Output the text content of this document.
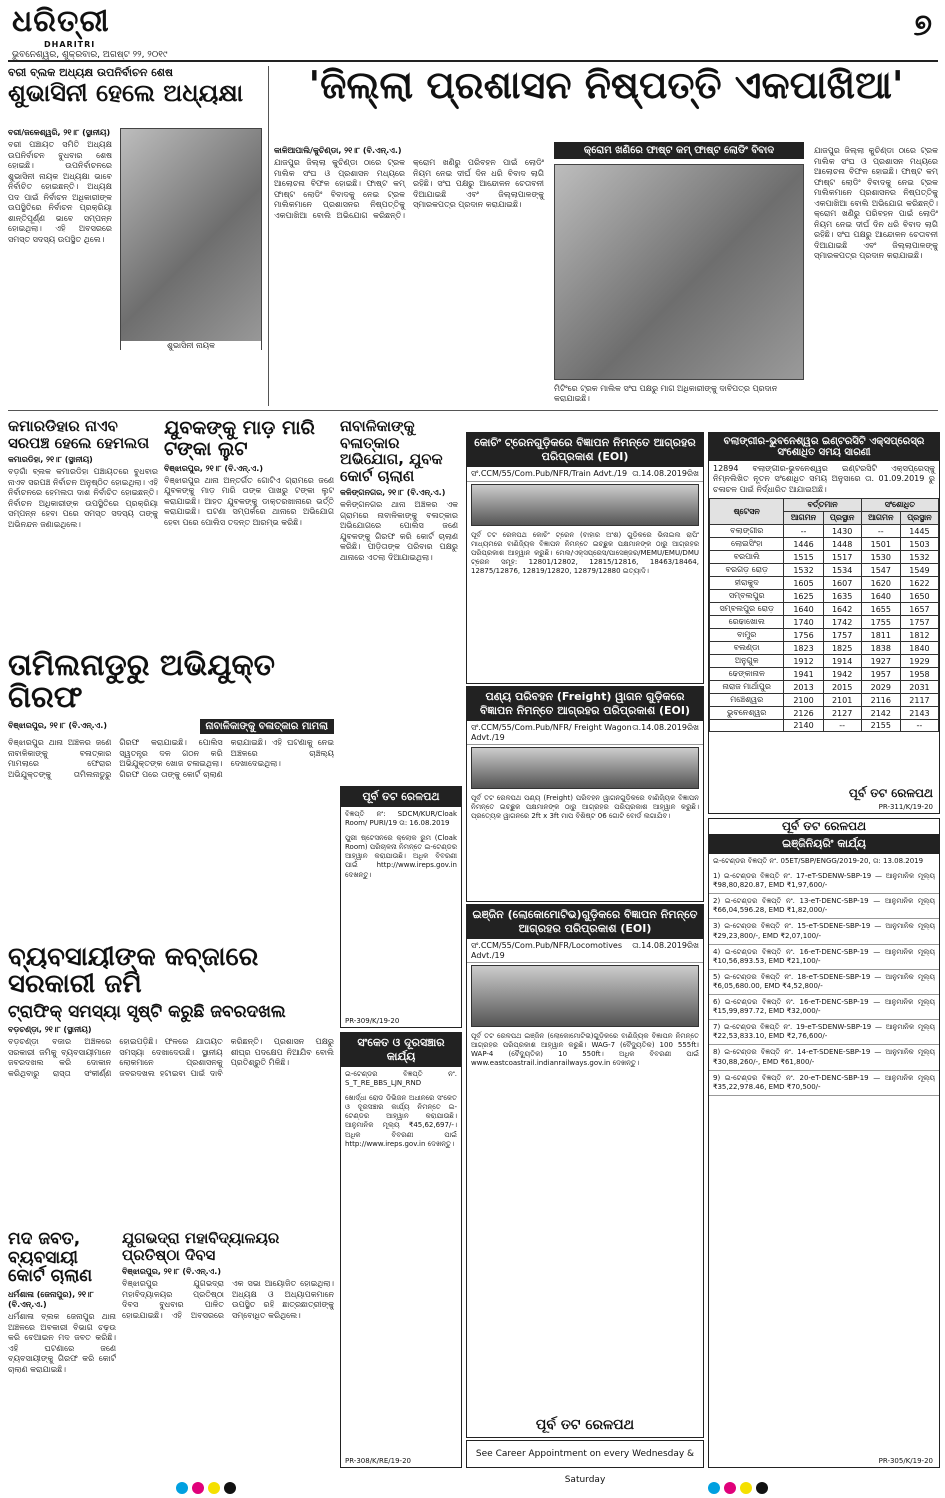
ଧରିତ୍ରୀ
DHARITRI
ଭୁବନେଶ୍ୱର, ଶୁକ୍ରବାର, ଅଗଷ୍ଟ ୨୨, ୨୦୧୯
୭
ବରୀ ବ୍ଲକ ଅଧ୍ୟକ୍ଷ ଉପନିର୍ବାଚନ ଶେଷ
ଶୁଭାସିନୀ ହେଲେ ଅଧ୍ୟକ୍ଷା
ଶୁଭାସିନୀ ନାୟକ
ବରୀ/ଜଳେଶ୍ୱରି, ୨୧।୮ (ସ୍ଥାନୀୟ)
ବରୀ ପଞ୍ଚାୟତ ସମିତି ଅଧ୍ୟକ୍ଷ ଉପନିର୍ବାଚନ ବୁଧବାର ଶେଷ ହୋଇଛି। ଉପନିର୍ବାଚନରେ ଶୁଭାସିନୀ ନାୟକ ଅଧ୍ୟକ୍ଷା ଭାବେ ନିର୍ବାଚିତ ହୋଇଛନ୍ତି। ଅଧ୍ୟକ୍ଷ ପଦ ପାଇଁ ନିର୍ବାଚନ ଅଧିକାରୀଙ୍କ ଉପସ୍ଥିତିରେ ନିର୍ବାଚନ ପ୍ରକ୍ରିୟା ଶାନ୍ତିପୂର୍ଣ୍ଣ ଭାବେ ସମ୍ପନ୍ନ ହୋଇଥିଲା। ଏହି ଅବସରରେ ସମସ୍ତ ସଦସ୍ୟ ଉପସ୍ଥିତ ଥିଲେ।
'ଜିଲ୍ଲା ପ୍ରଶାସନ ନିଷ୍ପତ୍ତି ଏକପାଖିଆ'
କାଳିଆପାଲି/କୁଚିଣ୍ଡା, ୨୧।୮ (ବି.ଏନ୍.ଏ.)
ଯାଜପୁର ଜିଲ୍ଲା କୁଚିଣ୍ଡା ଠାରେ ଟ୍ରକ ମାଲିକ ସଂଘ ଓ ପ୍ରଶାସନ ମଧ୍ୟରେ ଆଲୋଚନା ବିଫଳ ହୋଇଛି। ଫାଷ୍ଟ କମ୍ ଫାଷ୍ଟ ଲୋଡିଂ ବିବାଦକୁ ନେଇ ଟ୍ରକ ମାଲିକମାନେ ପ୍ରଶାସନର ନିଷ୍ପତ୍ତିକୁ ଏକପାଖିଆ ବୋଲି ଅଭିଯୋଗ କରିଛନ୍ତି। କ୍ରୋମ ଖଣିରୁ ପରିବହନ ପାଇଁ ଲୋଡିଂ ନିୟମ ନେଇ ଦୀର୍ଘ ଦିନ ଧରି ବିବାଦ ଲାଗି ରହିଛି। ସଂଘ ପକ୍ଷରୁ ଆନ୍ଦୋଳନ ଚେତାବନୀ ଦିଆଯାଇଛି ଏବଂ ଜିଲ୍ଲାପାଳଙ୍କୁ ସ୍ମାରକପତ୍ର ପ୍ରଦାନ କରାଯାଇଛି।
କ୍ରୋମ ଖଣିରେ ଫାଷ୍ଟ କମ୍ ଫାଷ୍ଟ ଲୋଡିଂ ବିବାଦ
ମିଟିଂରେ ଟ୍ରକ ମାଲିକ ସଂଘ ପକ୍ଷରୁ ମାଗ ଅଧିକାରୀଙ୍କୁ ଦାବିପତ୍ର ପ୍ରଦାନ କରାଯାଇଛି।
ଯାଜପୁର ଜିଲ୍ଲା କୁଚିଣ୍ଡା ଠାରେ ଟ୍ରକ ମାଲିକ ସଂଘ ଓ ପ୍ରଶାସନ ମଧ୍ୟରେ ଆଲୋଚନା ବିଫଳ ହୋଇଛି। ଫାଷ୍ଟ କମ୍ ଫାଷ୍ଟ ଲୋଡିଂ ବିବାଦକୁ ନେଇ ଟ୍ରକ ମାଲିକମାନେ ପ୍ରଶାସନର ନିଷ୍ପତ୍ତିକୁ ଏକପାଖିଆ ବୋଲି ଅଭିଯୋଗ କରିଛନ୍ତି। କ୍ରୋମ ଖଣିରୁ ପରିବହନ ପାଇଁ ଲୋଡିଂ ନିୟମ ନେଇ ଦୀର୍ଘ ଦିନ ଧରି ବିବାଦ ଲାଗି ରହିଛି। ସଂଘ ପକ୍ଷରୁ ଆନ୍ଦୋଳନ ଚେତାବନୀ ଦିଆଯାଇଛି ଏବଂ ଜିଲ୍ଲାପାଳଙ୍କୁ ସ୍ମାରକପତ୍ର ପ୍ରଦାନ କରାଯାଇଛି।
କମାରଡିହାର ନାଏବ ସରପଞ୍ଚ ହେଲେ ହେମଲତା
କମାରଡିହା, ୨୧।୮ (ସ୍ଥାନୀୟ)
ବଡ଼ଗାଁ ବ୍ଲକ କମାରଡିହା ପଞ୍ଚାୟତରେ ବୁଧବାର ନାଏବ ସରପଞ୍ଚ ନିର୍ବାଚନ ଅନୁଷ୍ଠିତ ହୋଇଥିଲା। ଏହି ନିର୍ବାଚନରେ ହେମଲତା ଦାଶ ନିର୍ବାଚିତ ହୋଇଛନ୍ତି। ନିର୍ବାଚନ ଅଧିକାରୀଙ୍କ ଉପସ୍ଥିତିରେ ପ୍ରକ୍ରିୟା ସମ୍ପନ୍ନ ହେବା ପରେ ସମସ୍ତ ସଦସ୍ୟ ତାଙ୍କୁ ଅଭିନନ୍ଦନ ଜଣାଇଥିଲେ।
ଯୁବକଙ୍କୁ ମାଡ଼ ମାରି ଟଙ୍କା ଲୁଟ
ବିଞ୍ଝାରପୁର, ୨୧।୮ (ବି.ଏନ୍.ଏ.)
ବିଞ୍ଝାରପୁର ଥାନା ଅନ୍ତର୍ଗତ ଗୋଟିଏ ଗ୍ରାମରେ ଜଣେ ଯୁବକଙ୍କୁ ମାଡ଼ ମାରି ତାଙ୍କ ପାଖରୁ ଟଙ୍କା ଲୁଟ କରାଯାଇଛି। ଆହତ ଯୁବକଙ୍କୁ ଡାକ୍ତରଖାନାରେ ଭର୍ତ୍ତି କରାଯାଇଛି। ଘଟଣା ସମ୍ପର୍କରେ ଥାନାରେ ଅଭିଯୋଗ ହେବା ପରେ ପୋଲିସ ତଦନ୍ତ ଆରମ୍ଭ କରିଛି।
ନାବାଳିକାଙ୍କୁ ବଳାତ୍କାର ଅଭିଯୋଗ, ଯୁବକ କୋର୍ଟ ଚାଲାଣ
କଳିଙ୍ଗନଗର, ୨୧।୮ (ବି.ଏନ୍.ଏ.)
କଳିଙ୍ଗନଗର ଥାନା ଅଞ୍ଚଳର ଏକ ଗ୍ରାମରେ ନାବାଳିକାଙ୍କୁ ବଳାତ୍କାର ଅଭିଯୋଗରେ ପୋଲିସ ଜଣେ ଯୁବକଙ୍କୁ ଗିରଫ କରି କୋର୍ଟ ଚାଲାଣ କରିଛି। ପୀଡ଼ିତାଙ୍କ ପରିବାର ପକ୍ଷରୁ ଥାନାରେ ଏତଲା ଦିଆଯାଇଥିଲା।
ତାମିଲନାଡୁରୁ ଅଭିଯୁକ୍ତ ଗିରଫ
ବିଞ୍ଝାରପୁର, ୨୧।୮ (ବି.ଏନ୍.ଏ.)	ନାବାଳିକାଙ୍କୁ ବଳାତ୍କାର ମାମଲା
ବିଞ୍ଝାରପୁର ଥାନା ଅଞ୍ଚଳର ଜଣେ ନାବାଳିକାଙ୍କୁ ବଳାତ୍କାର ମାମଲାରେ ଫେରାର ଅଭିଯୁକ୍ତଙ୍କୁ ତାମିଲନାଡୁରୁ ଗିରଫ କରାଯାଇଛି। ପୋଲିସ ସ୍ୱତନ୍ତ୍ର ଦଳ ଗଠନ କରି ଅଭିଯୁକ୍ତଙ୍କ ଖୋଜ ଚଳାଇଥିଲା। ଗିରଫ ପରେ ତାଙ୍କୁ କୋର୍ଟ ଚାଲାଣ କରାଯାଇଛି। ଏହି ଘଟଣାକୁ ନେଇ ଅଞ୍ଚଳରେ ଚାଞ୍ଚଲ୍ୟ ଦେଖାଦେଇଥିଲା।
ପୂର୍ବ ତଟ ରେଳପଥ
ବିଜ୍ଞପ୍ତି ନଂ: SDCM/KUR/Cloak Room/ PURI/19 ତା: 16.08.2019
ପୁରୀ ଷ୍ଟେସନରେ କ୍ଲୋକ ରୁମ (Cloak Room) ପରିଚାଳନା ନିମନ୍ତେ ଇ-ଟେଣ୍ଡର ଆହ୍ୱାନ କରାଯାଉଛି। ଅଧିକ ବିବରଣୀ ପାଇଁ http://www.ireps.gov.in ଦେଖନ୍ତୁ।
PR-309/K/19-20
ବ୍ୟବସାୟୀଙ୍କ କବ୍ଜାରେ ସରକାରୀ ଜମି
ଟ୍ରାଫିକ୍ ସମସ୍ୟା ସୃଷ୍ଟି କରୁଛି ଜବରଦଖଲ
ବଡ଼ଚଣ୍ଡ଼ା, ୨୧।୮ (ସ୍ଥାନୀୟ)
ବଡ଼ଚଣ୍ଡ଼ା ବଜାର ଅଞ୍ଚଳରେ ସରକାରୀ ଜମିକୁ ବ୍ୟବସାୟୀମାନେ ଜବରଦଖଲ କରି ଦୋକାନ କରିଥିବାରୁ ରାସ୍ତା ସଂକୀର୍ଣ୍ଣ ହୋଇପଡ଼ିଛି। ଫଳରେ ଯାତାୟତ ସମସ୍ୟା ଦେଖାଦେଉଛି। ସ୍ଥାନୀୟ ଲୋକମାନେ ପ୍ରଶାସନକୁ ଜବରଦଖଲ ହଟାଇବା ପାଇଁ ଦାବି କରିଛନ୍ତି। ପ୍ରଶାସନ ପକ୍ଷରୁ ଶୀଘ୍ର ପଦକ୍ଷେପ ନିଆଯିବ ବୋଲି ପ୍ରତିଶ୍ରୁତି ମିଳିଛି।
ମଦ ଜବତ, ବ୍ୟବସାୟୀ କୋର୍ଟ ଚାଲାଣ
ଧର୍ମଶାଳା (ଜେନାପୁର), ୨୧।୮ (ବି.ଏନ୍.ଏ.)
ଧର୍ମଶାଳା ବ୍ଲକ ଜେନାପୁର ଥାନା ଅଞ୍ଚଳରେ ଅବକାରୀ ବିଭାଗ ଚଢ଼ଉ କରି ବେଆଇନ ମଦ ଜବତ କରିଛି। ଏହି ଘଟଣାରେ ଜଣେ ବ୍ୟବସାୟୀଙ୍କୁ ଗିରଫ କରି କୋର୍ଟ ଚାଲାଣ କରାଯାଇଛି।
ଯୁଗଭଦ୍ରା ମହାବିଦ୍ୟାଳୟର ପ୍ରତିଷ୍ଠା ଦିବସ
ବିଞ୍ଝାରପୁର, ୨୧।୮ (ବି.ଏନ୍.ଏ.)
ବିଞ୍ଝାରପୁର ଯୁଗଭଦ୍ରା ମହାବିଦ୍ୟାଳୟର ପ୍ରତିଷ୍ଠା ଦିବସ ବୁଧବାର ପାଳିତ ହୋଇଯାଇଛି। ଏହି ଅବସରରେ ଏକ ସଭା ଆୟୋଜିତ ହୋଇଥିଲା। ଅଧ୍ୟକ୍ଷ ଓ ଅଧ୍ୟାପକମାନେ ଉପସ୍ଥିତ ରହି ଛାତ୍ରଛାତ୍ରୀଙ୍କୁ ସମ୍ବୋଧିତ କରିଥିଲେ।
ସଂକେତ ଓ ଦୂରସଞ୍ଚାର କାର୍ଯ୍ୟ
ଇ-ଟେଣ୍ଡର ବିଜ୍ଞପ୍ତି ନଂ. S_T_RE_BBS_LJN_RND
ଖୋର୍ଦ୍ଧା ରୋଡ ଡିଭିଜନ ଅଧୀନରେ ସଂକେତ ଓ ଦୂରସଞ୍ଚାର କାର୍ଯ୍ୟ ନିମନ୍ତେ ଇ-ଟେଣ୍ଡର ଆହ୍ୱାନ କରାଯାଉଛି। ଆନୁମାନିକ ମୂଲ୍ୟ ₹45,62,697/-। ଅଧିକ ବିବରଣୀ ପାଇଁ http://www.ireps.gov.in ଦେଖନ୍ତୁ।
PR-308/K/RE/19-20
କୋଚିଂ ଟ୍ରେନଗୁଡ଼ିକରେ ବିଜ୍ଞାପନ ନିମନ୍ତେ ଆଗ୍ରହର ପରିପ୍ରକାଶ (EOI)
ସଂ.CCM/55/Com.Pub/NFR/Train Advt./19 ତା.14.08.2019ରିଖ
ପୂର୍ବ ତଟ ରେଳପଥ କୋଚିଂ ଟ୍ରେନ (ବାହାର ଅଂଶ) ଗୁଡ଼ିକରେ ଭିନାଇଲ ରାପିଂ ମାଧ୍ୟମରେ ବାଣିଜ୍ୟିକ ବିଜ୍ଞାପନ ନିମନ୍ତେ ଇଚ୍ଛୁକ ପକ୍ଷମାନଙ୍କ ଠାରୁ ଆଗ୍ରହର ପରିପ୍ରକାଶ ଆହ୍ୱାନ କରୁଛି। ମେଲ/ଏକ୍ସପ୍ରେସ/ପାସେଞ୍ଜର/MEMU/EMU/DMU ଟ୍ରେନ ସମୂହ: 12801/12802, 12815/12816, 18463/18464, 12875/12876, 12819/12820, 12879/12880 ଇତ୍ୟାଦି।
ପଣ୍ୟ ପରିବହନ (Freight) ୱାଗନ ଗୁଡ଼ିକରେ ବିଜ୍ଞାପନ ନିମନ୍ତେ ଆଗ୍ରହର ପରିପ୍ରକାଶ (EOI)
ସଂ.CCM/55/Com.Pub/NFR/ Freight Wagon Advt./19
ତା.14.08.2019ରିଖ
ପୂର୍ବ ତଟ ରେଳପଥ ପଣ୍ୟ (Freight) ପରିବହନ ୱାଗନଗୁଡ଼ିକରେ ବାଣିଜ୍ୟିକ ବିଜ୍ଞାପନ ନିମନ୍ତେ ଇଚ୍ଛୁକ ପକ୍ଷମାନଙ୍କ ଠାରୁ ଆଗ୍ରହର ପରିପ୍ରକାଶ ଆହ୍ୱାନ କରୁଛି। ପ୍ରତ୍ୟେକ ୱାଗନରେ 2ft x 3ft ମାପ ବିଶିଷ୍ଟ 06 ଗୋଟି ବୋର୍ଡ ଲଗାଯିବ।
ଇଞ୍ଜିନ (ଲୋକୋମୋଟିଭ)ଗୁଡ଼ିକରେ ବିଜ୍ଞାପନ ନିମନ୍ତେ ଆଗ୍ରହର ପରିପ୍ରକାଶ (EOI)
ସଂ.CCM/55/Com.Pub/NFR/Locomotives Advt./19
ତା.14.08.2019ରିଖ
ପୂର୍ବ ତଟ ରେଳପଥ ଇଞ୍ଜିନ (ଲୋକୋମୋଟିଭ)ଗୁଡ଼ିକରେ ବାଣିଜ୍ୟିକ ବିଜ୍ଞାପନ ନିମନ୍ତେ ଆଗ୍ରହର ପରିପ୍ରକାଶ ଆହ୍ୱାନ କରୁଛି। WAG-7 (ବୈଦ୍ୟୁତିକ) 100 555ft। WAP-4 (ବୈଦ୍ୟୁତିକ) 10 550ft। ଅଧିକ ବିବରଣୀ ପାଇଁ www.eastcoastrail.indianrailways.gov.in ଦେଖନ୍ତୁ।
ପୂର୍ବ ତଟ ରେଳପଥ
See Career Appointment on every Wednesday & Saturday
ବଲାଙ୍ଗୀର-ଭୁବନେଶ୍ୱର ଇଣ୍ଟରସିଟି ଏକ୍ସପ୍ରେସ୍‌ର ସଂଶୋଧିତ ସମୟ ସାରଣୀ
12894 ବଲାଙ୍ଗୀର-ଭୁବନେଶ୍ୱର ଇଣ୍ଟରସିଟି ଏକ୍ସପ୍ରେସ୍‌କୁ ନିମ୍ନଲିଖିତ ନୂତନ ସଂଶୋଧିତ ସମୟ ଅନୁସାରେ ତା. 01.09.2019 ରୁ ଚଳାଚଳ ପାଇଁ ନିର୍ଦ୍ଧାରିତ ଆଯାଇଅଛି।
ଷ୍ଟେସନ	ବର୍ତ୍ତମାନ		ସଂଶୋଧିତ	
	ଆଗମନ	ପ୍ରସ୍ଥାନ	ଆଗମନ	ପ୍ରସ୍ଥାନ
ବଲାଙ୍ଗୀର	--	1430	--	1445
ଲୋଇସିଂହା	1446	1448	1501	1503
ବରପାଲି	1515	1517	1530	1532
ବରଗଡ଼ ରୋଡ଼	1532	1534	1547	1549
ହୀରାକୁଦ	1605	1607	1620	1622
ସମ୍ବଲପୁର	1625	1635	1640	1650
ସମ୍ବଲପୁର ରୋଡ଼	1640	1642	1655	1657
ରେଢାଖୋଲ	1740	1742	1755	1757
ବାମୁର	1756	1757	1811	1812
ବଲଣ୍ଡା	1823	1825	1838	1840
ଅନୁଗୁଳ	1912	1914	1927	1929
ଢେଙ୍କାନାଳ	1941	1942	1957	1958
ନାରାଜ ମାର୍ଥାପୁର	2013	2015	2029	2031
ମଞ୍ଚେଶ୍ୱର	2100	2101	2116	2117
ଭୁବନେଶ୍ୱର	2126	2127	2142	2143
	2140	--	2155	--
ପୂର୍ବ ତଟ ରେଳପଥ
PR-311/K/19-20
ପୂର୍ବ ତଟ ରେଳପଥ
ଇଞ୍ଜିନିୟରିଂ କାର୍ଯ୍ୟ
ଇ-ଟେଣ୍ଡର ବିଜ୍ଞପ୍ତି ନଂ. 05ET/SBP/ENGG/2019-20, ତା: 13.08.2019
1) ଇ-ଟେଣ୍ଡର ବିଜ୍ଞପ୍ତି ନଂ. 17-eT-SDENW-SBP-19 — ଆନୁମାନିକ ମୂଲ୍ୟ ₹98,80,820.87, EMD ₹1,97,600/-
2) ଇ-ଟେଣ୍ଡର ବିଜ୍ଞପ୍ତି ନଂ. 13-eT-DENC-SBP-19 — ଆନୁମାନିକ ମୂଲ୍ୟ ₹66,04,596.28, EMD ₹1,82,000/-
3) ଇ-ଟେଣ୍ଡର ବିଜ୍ଞପ୍ତି ନଂ. 15-eT-SDENE-SBP-19 — ଆନୁମାନିକ ମୂଲ୍ୟ ₹29,23,800/-, EMD ₹2,07,100/-
4) ଇ-ଟେଣ୍ଡର ବିଜ୍ଞପ୍ତି ନଂ. 16-eT-DENC-SBP-19 — ଆନୁମାନିକ ମୂଲ୍ୟ ₹10,56,893.53, EMD ₹21,100/-
5) ଇ-ଟେଣ୍ଡର ବିଜ୍ଞପ୍ତି ନଂ. 18-eT-SDENE-SBP-19 — ଆନୁମାନିକ ମୂଲ୍ୟ ₹6,05,680.00, EMD ₹4,52,800/-
6) ଇ-ଟେଣ୍ଡର ବିଜ୍ଞପ୍ତି ନଂ. 16-eT-DENC-SBP-19 — ଆନୁମାନିକ ମୂଲ୍ୟ ₹15,99,897.72, EMD ₹32,000/-
7) ଇ-ଟେଣ୍ଡର ବିଜ୍ଞପ୍ତି ନଂ. 19-eT-SDENW-SBP-19 — ଆନୁମାନିକ ମୂଲ୍ୟ ₹22,53,833.10, EMD ₹2,76,600/-
8) ଇ-ଟେଣ୍ଡର ବିଜ୍ଞପ୍ତି ନଂ. 14-eT-SDENE-SBP-19 — ଆନୁମାନିକ ମୂଲ୍ୟ ₹30,88,260/-, EMD ₹61,800/-
9) ଇ-ଟେଣ୍ଡର ବିଜ୍ଞପ୍ତି ନଂ. 20-eT-DENC-SBP-19 — ଆନୁମାନିକ ମୂଲ୍ୟ ₹35,22,978.46, EMD ₹70,500/-
PR-305/K/19-20
